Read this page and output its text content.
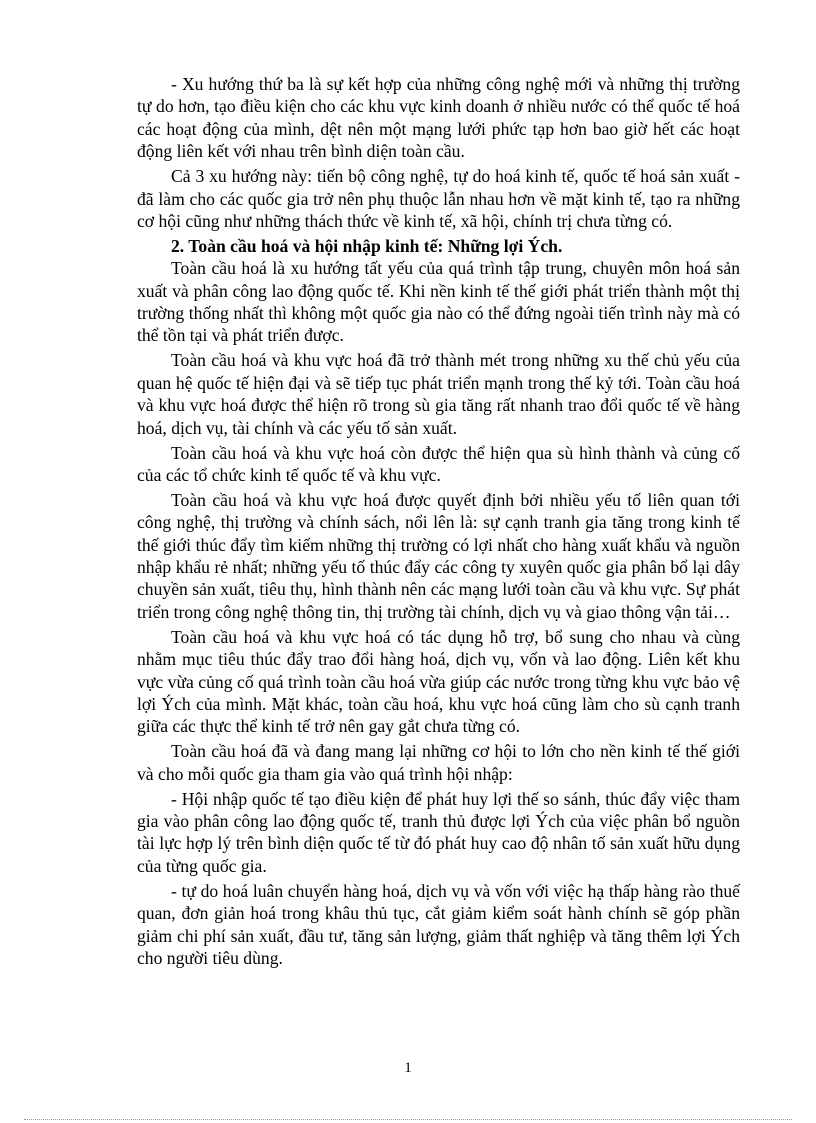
- Xu hướng thứ ba là sự kết hợp của những công nghệ mới và những thị trường tự do hơn, tạo điều kiện cho các khu vực kinh doanh ở nhiều nước có thể quốc tế hoá các hoạt động của mình, dệt nên một mạng lưới phức tạp hơn bao giờ hết các hoạt động liên kết với nhau trên bình diện toàn cầu.

Cả 3 xu hướng này: tiến bộ công nghệ, tự do hoá kinh tế, quốc tế hoá sản xuất - đã làm cho các quốc gia trở nên phụ thuộc lẫn nhau hơn về mặt kinh tế, tạo ra những cơ hội cũng như những thách thức về kinh tế, xã hội, chính trị chưa từng có.

2. Toàn cầu hoá và hội nhập kinh tế: Những lợi Ých.

Toàn cầu hoá là xu hướng tất yếu của quá trình tập trung, chuyên môn hoá sản xuất và phân công lao động quốc tế. Khi nền kinh tế thế giới phát triển thành một thị trường thống nhất thì không một quốc gia nào có thể đứng ngoài tiến trình này mà có thể tồn tại và phát triển được.

Toàn cầu hoá và khu vực hoá đã trở thành mét trong những xu thế chủ yếu của quan hệ quốc tế hiện đại và sẽ tiếp tục phát triển mạnh trong thế kỷ tới. Toàn cầu hoá và khu vực hoá được thể hiện rõ trong sù gia tăng rất nhanh trao đổi quốc tế về hàng hoá, dịch vụ, tài chính và các yếu tố sản xuất.

Toàn cầu hoá và khu vực hoá còn được thể hiện qua sù hình thành và củng cố của các tổ chức kinh tế quốc tế và khu vực.

Toàn cầu hoá và khu vực hoá được quyết định bởi nhiều yếu tố liên quan tới công nghệ, thị trường và chính sách, nổi lên là: sự cạnh tranh gia tăng trong kinh tế thế giới thúc đẩy tìm kiếm những thị trường có lợi nhất cho hàng xuất khẩu và nguồn nhập khẩu rẻ nhất; những yếu tố thúc đẩy các công ty xuyên quốc gia phân bổ lại dây chuyền sản xuất, tiêu thụ, hình thành nên các mạng lưới toàn cầu và khu vực. Sự phát triển trong công nghệ thông tin, thị trường tài chính, dịch vụ và giao thông vận tải…

Toàn cầu hoá và khu vực hoá có tác dụng hỗ trợ, bổ sung cho nhau và cùng nhằm mục tiêu thúc đẩy trao đổi hàng hoá, dịch vụ, vốn và lao động. Liên kết khu vực vừa củng cố quá trình toàn cầu hoá vừa giúp các nước trong từng khu vực bảo vệ lợi Ých của mình. Mặt khác, toàn cầu hoá, khu vực hoá cũng làm cho sù cạnh tranh giữa các thực thể kinh tế trở nên gay gắt chưa từng có.

Toàn cầu hoá đã và đang mang lại những cơ hội to lớn cho nền kinh tế thế giới và cho mỗi quốc gia tham gia vào quá trình hội nhập:

- Hội nhập quốc tế tạo điều kiện để phát huy lợi thế so sánh, thúc đẩy việc tham gia vào phân công lao động quốc tế, tranh thủ được lợi Ých của việc phân bổ nguồn tài lực hợp lý trên bình diện quốc tế từ đó phát huy cao độ nhân tố sản xuất hữu dụng của từng quốc gia.

- tự do hoá luân chuyển hàng hoá, dịch vụ và vốn với việc hạ thấp hàng rào thuế quan, đơn giản hoá trong khâu thủ tục, cắt giảm kiểm soát hành chính sẽ góp phần giảm chi phí sản xuất, đầu tư, tăng sản lượng, giảm thất nghiệp và tăng thêm lợi Ých cho người tiêu dùng.

1
